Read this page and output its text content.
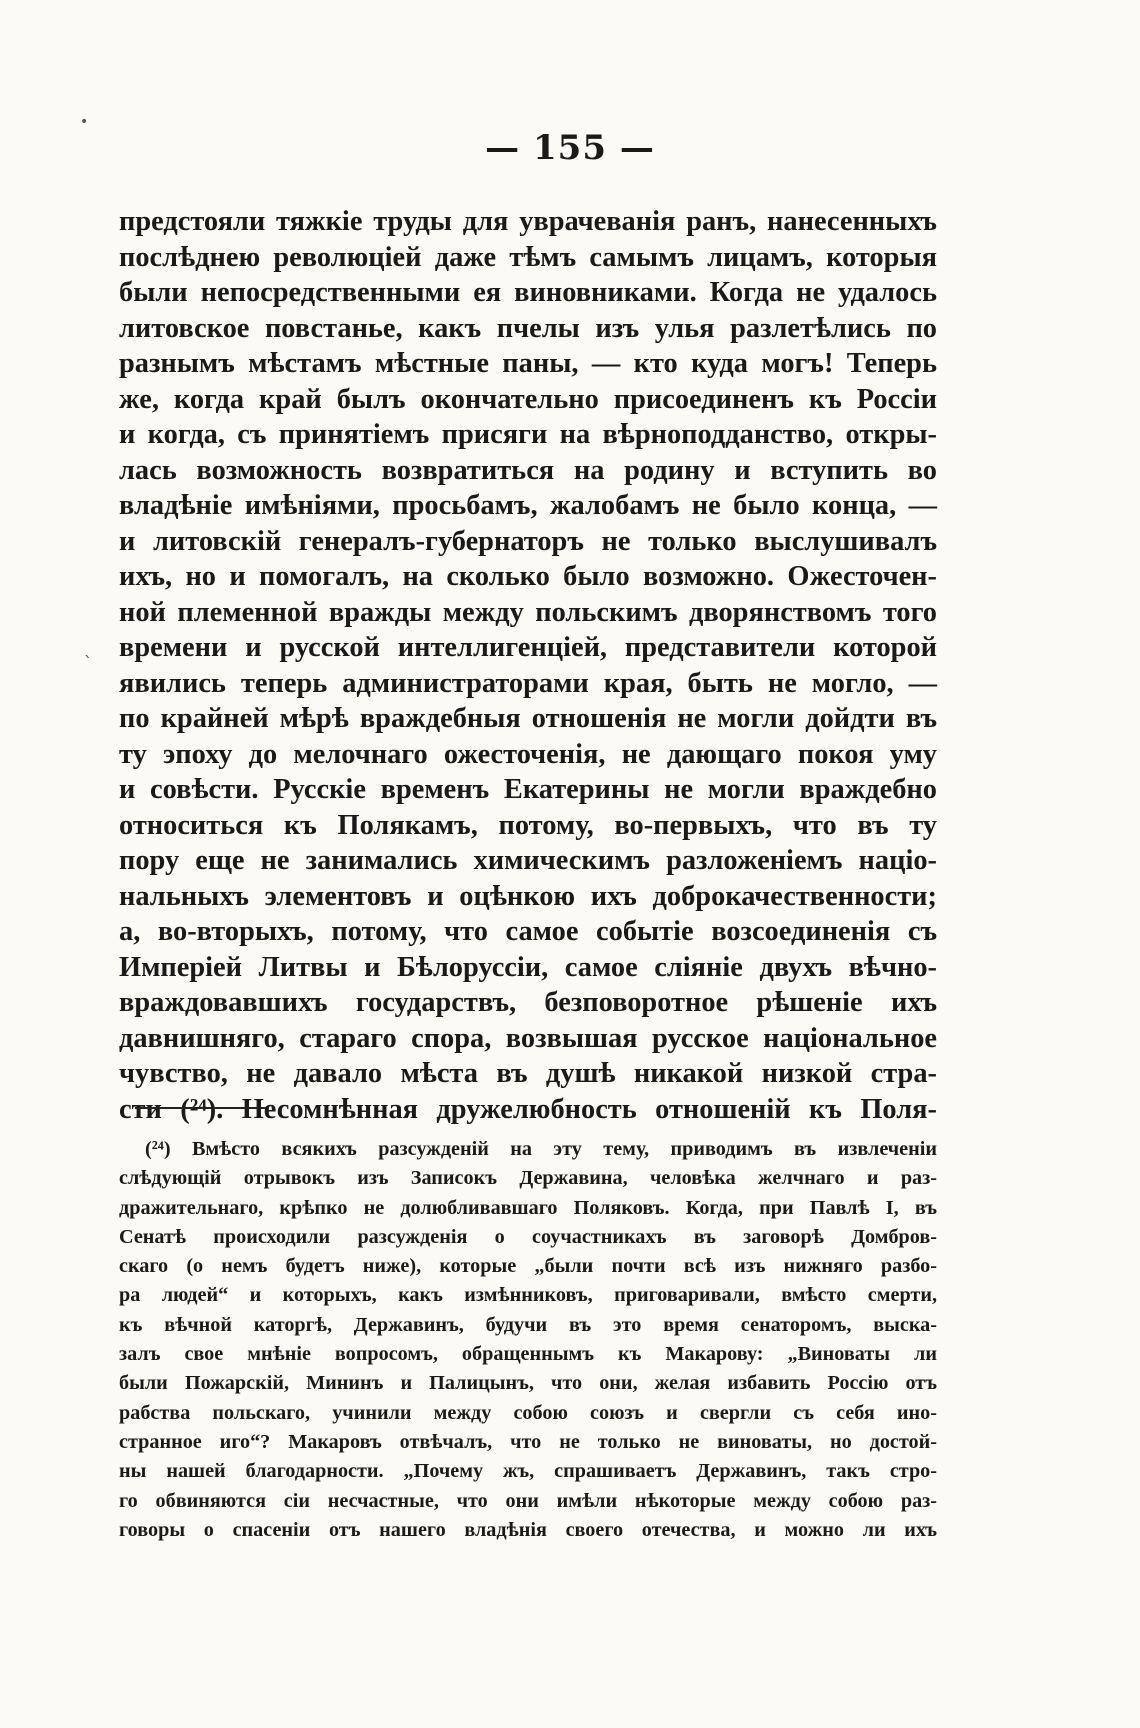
— 155 —
предстояли тяжкіе труды для уврачеванія ранъ, нанесенныхъ
послѣднею революціей даже тѣмъ самымъ лицамъ, которыя
были непосредственными ея виновниками. Когда не удалось
литовское повстанье, какъ пчелы изъ улья разлетѣлись по
разнымъ мѣстамъ мѣстные паны, — кто куда могъ! Теперь
же, когда край былъ окончательно присоединенъ къ Россіи
и когда, съ принятіемъ присяги на вѣрноподданство, откры-
лась возможность возвратиться на родину и вступить во
владѣніе имѣніями, просьбамъ, жалобамъ не было конца, —
и литовскій генералъ-губернаторъ не только выслушивалъ
ихъ, но и помогалъ, на сколько было возможно. Ожесточен-
ной племенной вражды между польскимъ дворянствомъ того
времени и русской интеллигенціей, представители которой
явились теперь администраторами края, быть не могло, —
по крайней мѣрѣ враждебныя отношенія не могли дойдти въ
ту эпоху до мелочнаго ожесточенія, не дающаго покоя уму
и совѣсти. Русскіе временъ Екатерины не могли враждебно
относиться къ Полякамъ, потому, во-первыхъ, что въ ту
пору еще не занимались химическимъ разложеніемъ націо-
нальныхъ элементовъ и оцѣнкою ихъ доброкачественности;
а, во-вторыхъ, потому, что самое событіе возсоединенія съ
Имперіей Литвы и Бѣлоруссіи, самое сліяніе двухъ вѣчно-
враждовавшихъ государствъ, безповоротное рѣшеніе ихъ
давнишняго, стараго спора, возвышая русское національное
чувство, не давало мѣста въ душѣ никакой низкой стра-
сти (²⁴). Несомнѣнная дружелюбность отношеній къ Поля-
(²⁴) Вмѣсто всякихъ разсужденій на эту тему, приводимъ въ извлеченіи
слѣдующій отрывокъ изъ Записокъ Державина, человѣка желчнаго и раз-
дражительнаго, крѣпко не долюбливавшаго Поляковъ. Когда, при Павлѣ I, въ
Сенатѣ происходили разсужденія о соучастникахъ въ заговорѣ Домбров-
скаго (о немъ будетъ ниже), которые „были почти всѣ изъ нижняго разбо-
ра людей“ и которыхъ, какъ измѣнниковъ, приговаривали, вмѣсто смерти,
къ вѣчной каторгѣ, Державинъ, будучи въ это время сенаторомъ, выска-
залъ свое мнѣніе вопросомъ, обращеннымъ къ Макарову: „Виноваты ли
были Пожарскій, Мининъ и Палицынъ, что они, желая избавить Россію отъ
рабства польскаго, учинили между собою союзъ и свергли съ себя ино-
странное иго“? Макаровъ отвѣчалъ, что не только не виноваты, но достой-
ны нашей благодарности. „Почему жъ, спрашиваетъ Державинъ, такъ стро-
го обвиняются сіи несчастные, что они имѣли нѣкоторые между собою раз-
говоры о спасеніи отъ нашего владѣнія своего отечества, и можно ли ихъ
•
ˋ
